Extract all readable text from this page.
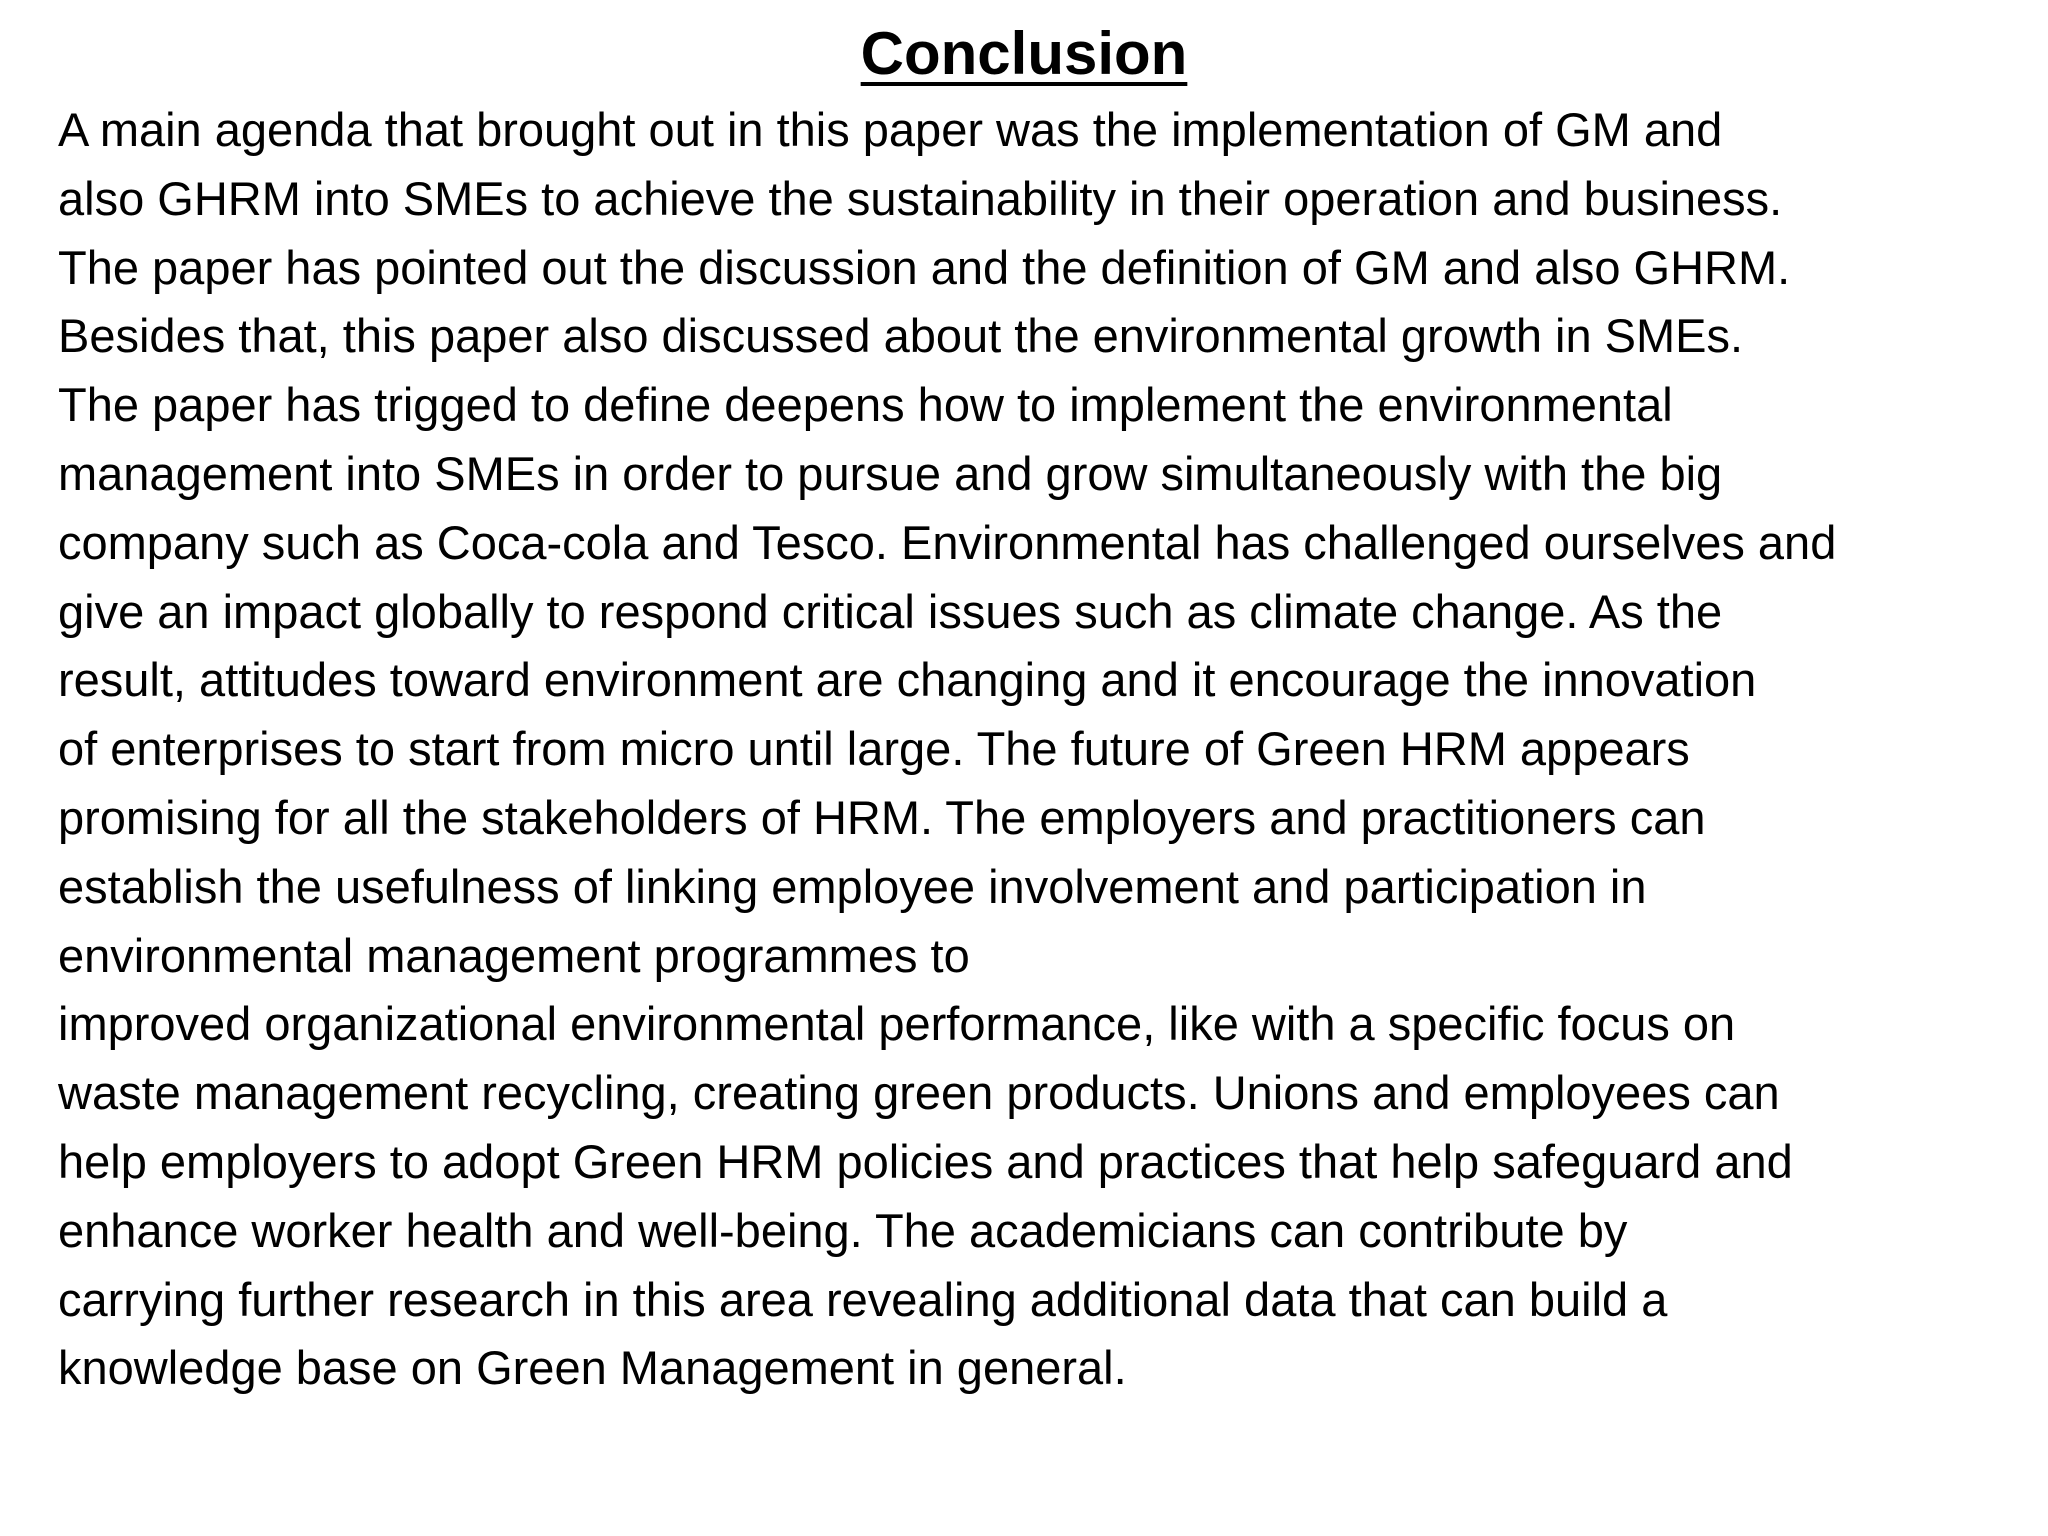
Conclusion
A main agenda that brought out in this paper was the implementation of GM and
also GHRM into SMEs to achieve the sustainability in their operation and business.
The paper has pointed out the discussion and the definition of GM and also GHRM.
Besides that, this paper also discussed about the environmental growth in SMEs.
The paper has trigged to define deepens how to implement the environmental
management into SMEs in order to pursue and grow simultaneously with the big
company such as Coca-cola and Tesco. Environmental has challenged ourselves and
give an impact globally to respond critical issues such as climate change. As the
result, attitudes toward environment are changing and it encourage the innovation
of enterprises to start from micro until large. The future of Green HRM appears
promising for all the stakeholders of HRM. The employers and practitioners can
establish the usefulness of linking employee involvement and participation in
environmental management programmes to
improved organizational environmental performance, like with a specific focus on
waste management recycling, creating green products. Unions and employees can
help employers to adopt Green HRM policies and practices that help safeguard and
enhance worker health and well-being. The academicians can contribute by
carrying further research in this area revealing additional data that can build a
knowledge base on Green Management in general.
